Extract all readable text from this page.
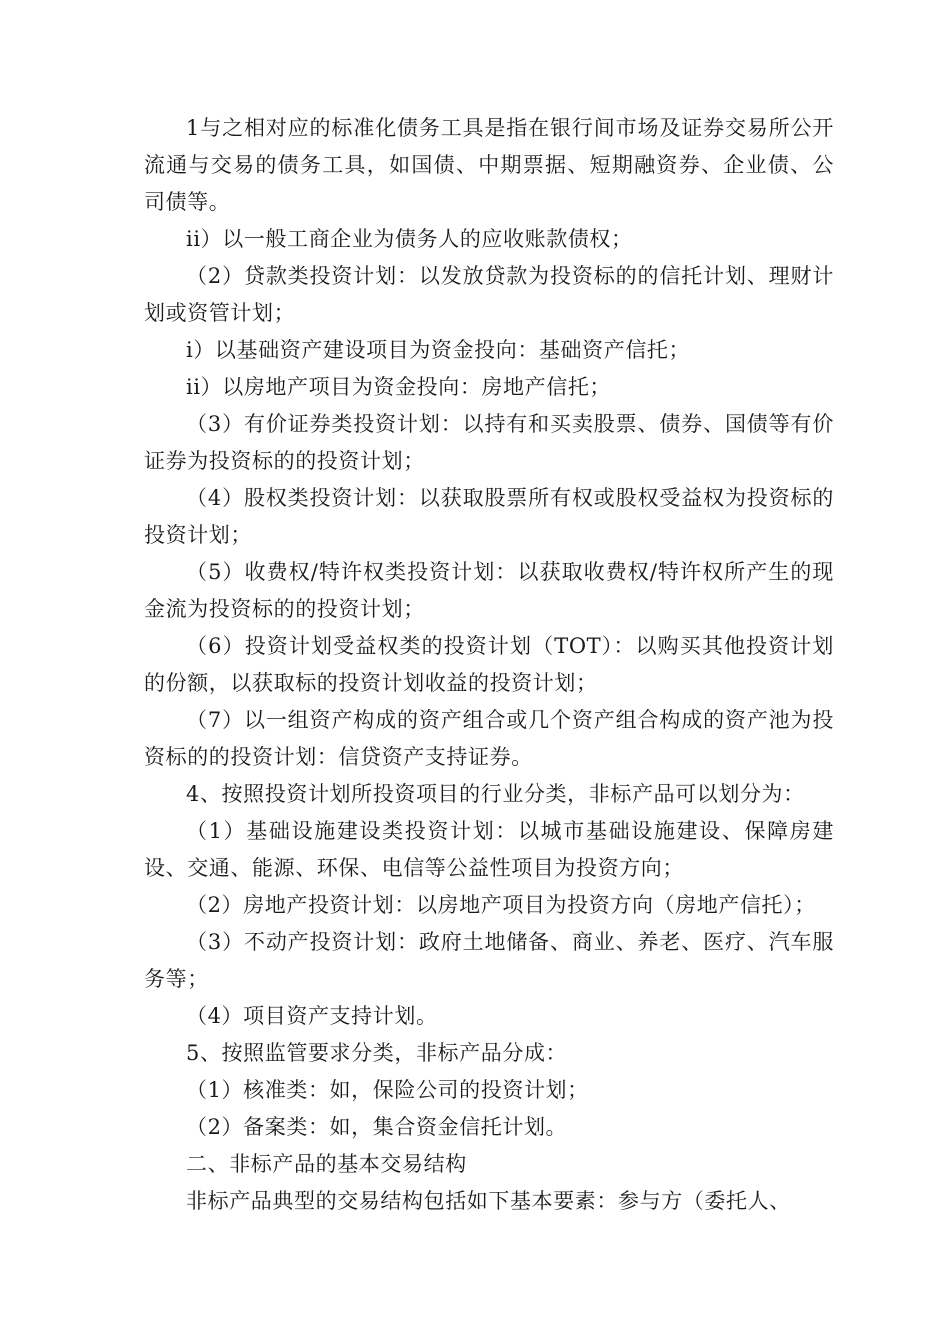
1与之相对应的标准化债务工具是指在银行间市场及证券交易所公开流通与交易的债务工具，如国债、中期票据、短期融资券、企业债、公司债等。

ii）以一般工商企业为债务人的应收账款债权；

（2）贷款类投资计划：以发放贷款为投资标的的信托计划、理财计划或资管计划；

i）以基础资产建设项目为资金投向：基础资产信托；

ii）以房地产项目为资金投向：房地产信托；

（3）有价证券类投资计划：以持有和买卖股票、债券、国债等有价证券为投资标的的投资计划；

（4）股权类投资计划：以获取股票所有权或股权受益权为投资标的投资计划；

（5）收费权/特许权类投资计划：以获取收费权/特许权所产生的现金流为投资标的的投资计划；

（6）投资计划受益权类的投资计划（TOT）：以购买其他投资计划的份额，以获取标的投资计划收益的投资计划；

（7）以一组资产构成的资产组合或几个资产组合构成的资产池为投资标的的投资计划：信贷资产支持证券。

4、按照投资计划所投资项目的行业分类，非标产品可以划分为：

（1）基础设施建设类投资计划：以城市基础设施建设、保障房建设、交通、能源、环保、电信等公益性项目为投资方向；

（2）房地产投资计划：以房地产项目为投资方向（房地产信托）；

（3）不动产投资计划：政府土地储备、商业、养老、医疗、汽车服务等；

（4）项目资产支持计划。

5、按照监管要求分类，非标产品分成：

（1）核准类：如，保险公司的投资计划；

（2）备案类：如，集合资金信托计划。

二、非标产品的基本交易结构

非标产品典型的交易结构包括如下基本要素：参与方（委托人、
